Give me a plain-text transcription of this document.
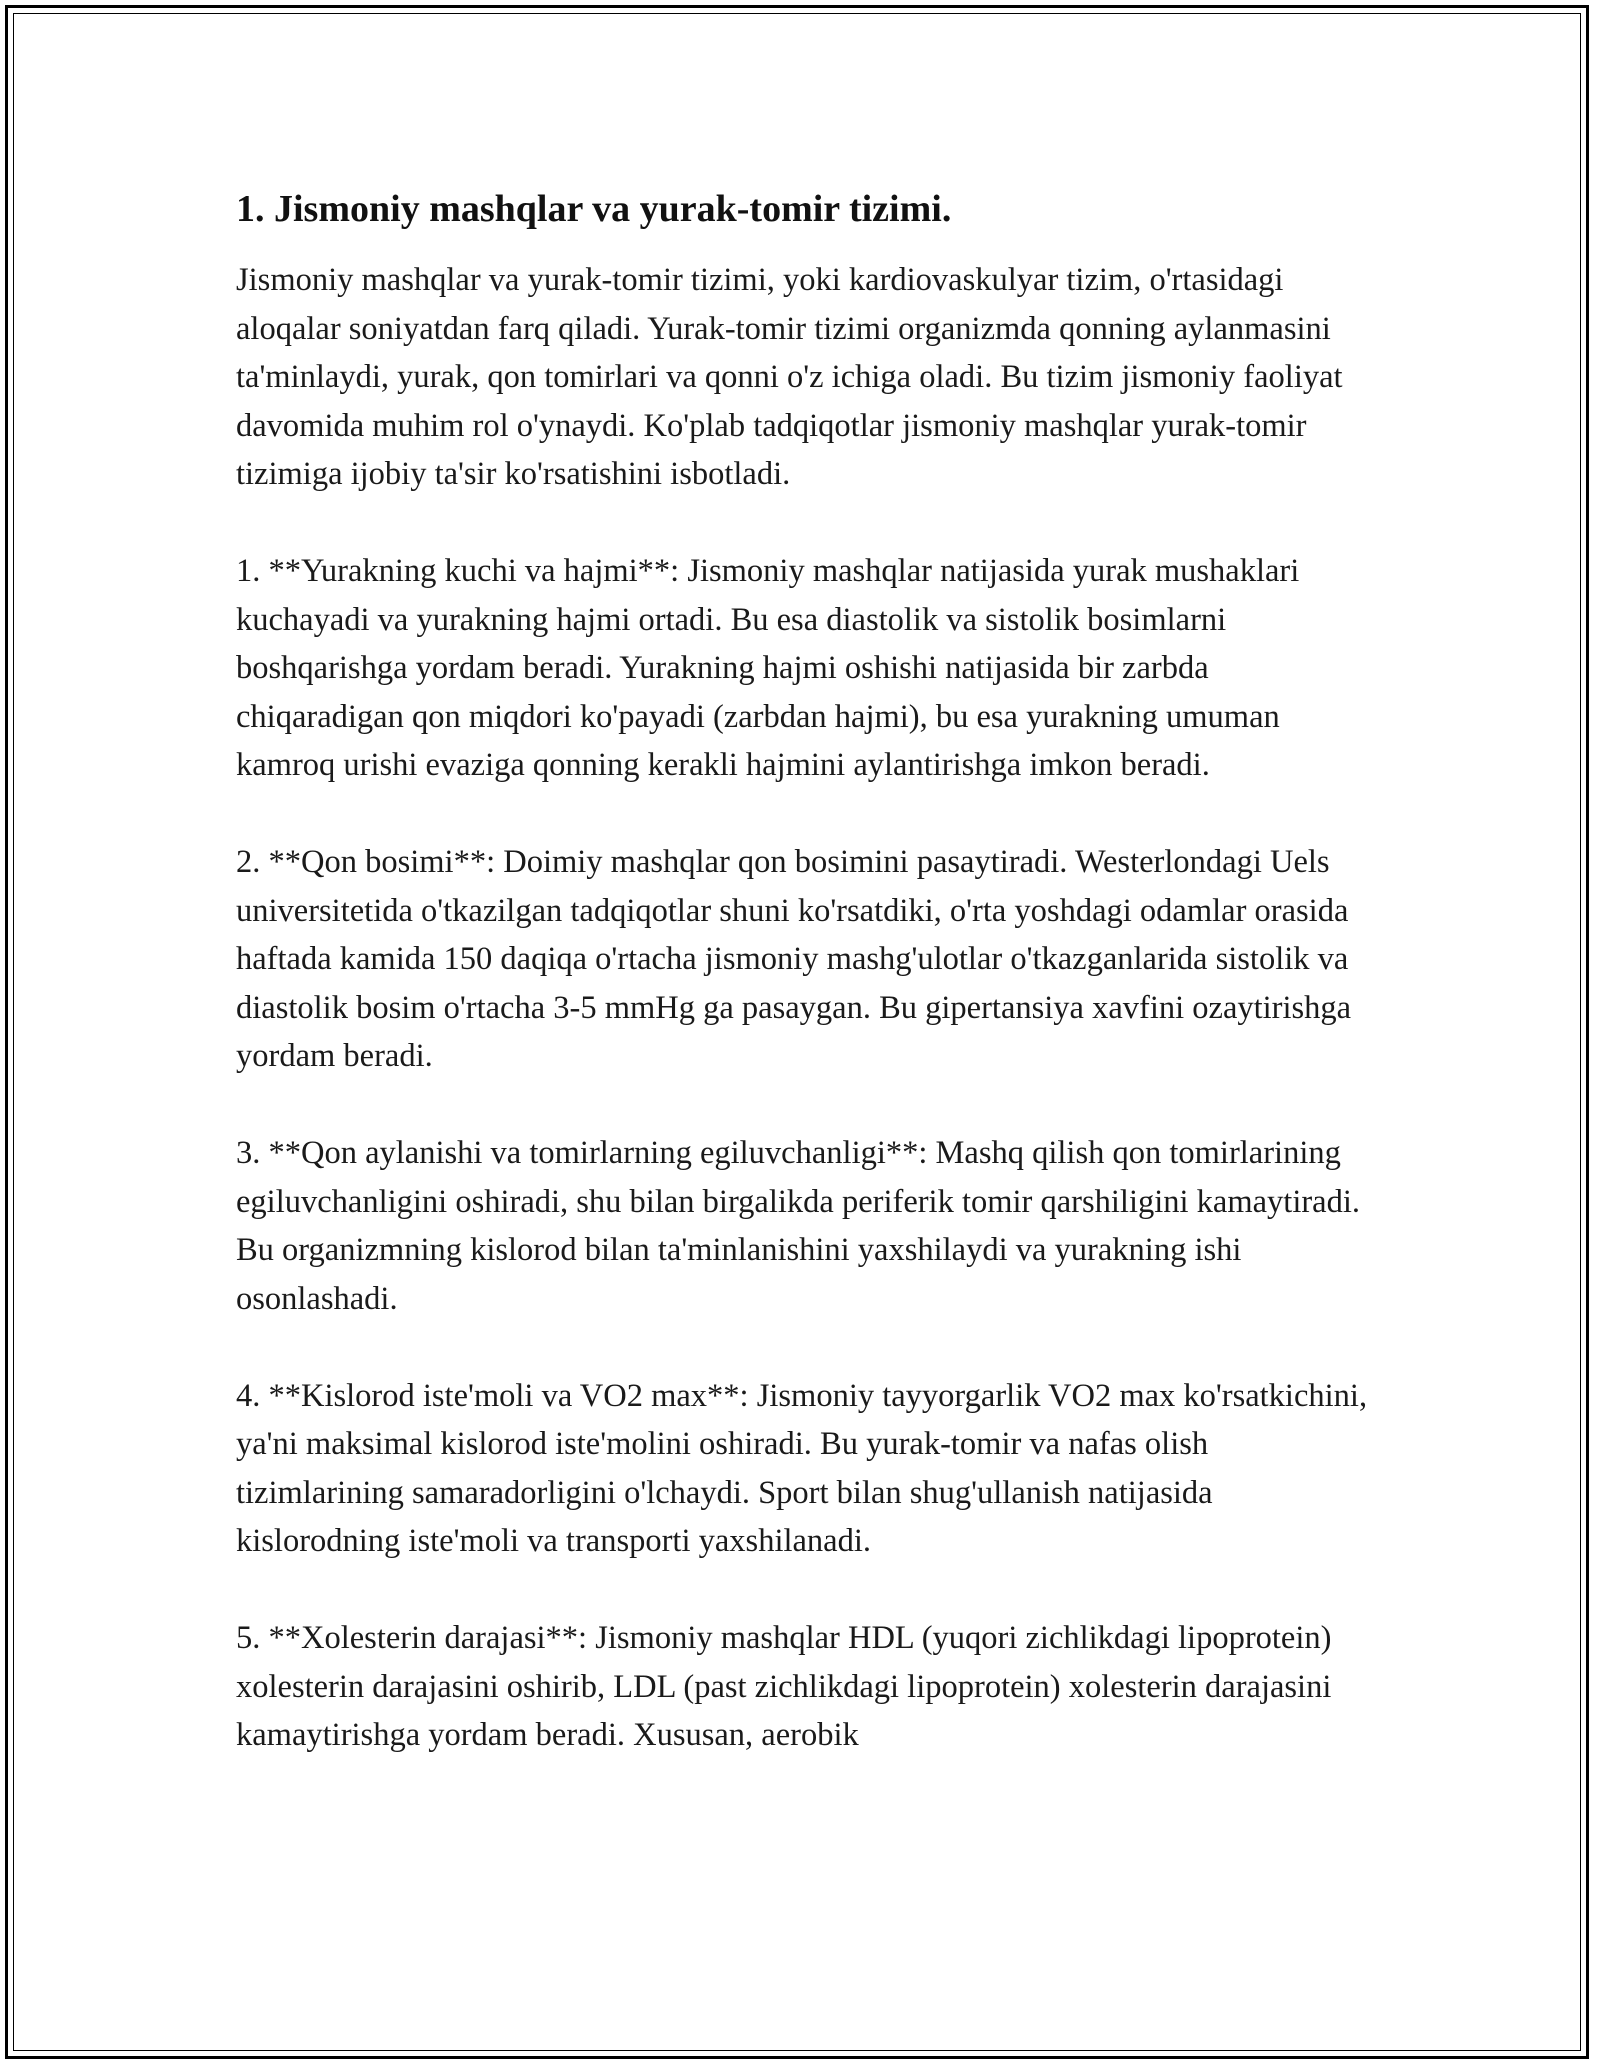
1. Jismoniy mashqlar va yurak-tomir tizimi.

Jismoniy mashqlar va yurak-tomir tizimi, yoki kardiovaskulyar tizim, o'rtasidagi aloqalar soniyatdan farq qiladi. Yurak-tomir tizimi organizmda qonning aylanmasini ta'minlaydi, yurak, qon tomirlari va qonni o'z ichiga oladi. Bu tizim jismoniy faoliyat davomida muhim rol o'ynaydi. Ko'plab tadqiqotlar jismoniy mashqlar yurak-tomir tizimiga ijobiy ta'sir ko'rsatishini isbotladi.

1. **Yurakning kuchi va hajmi**: Jismoniy mashqlar natijasida yurak mushaklari kuchayadi va yurakning hajmi ortadi. Bu esa diastolik va sistolik bosimlarni boshqarishga yordam beradi. Yurakning hajmi oshishi natijasida bir zarbda chiqaradigan qon miqdori ko'payadi (zarbdan hajmi), bu esa yurakning umuman kamroq urishi evaziga qonning kerakli hajmini aylantirishga imkon beradi.

2. **Qon bosimi**: Doimiy mashqlar qon bosimini pasaytiradi. Westerlondagi Uels universitetida o'tkazilgan tadqiqotlar shuni ko'rsatdiki, o'rta yoshdagi odamlar orasida haftada kamida 150 daqiqa o'rtacha jismoniy mashg'ulotlar o'tkazganlarida sistolik va diastolik bosim o'rtacha 3-5 mmHg ga pasaygan. Bu gipertansiya xavfini ozaytirishga yordam beradi.

3. **Qon aylanishi va tomirlarning egiluvchanligi**: Mashq qilish qon tomirlarining egiluvchanligini oshiradi, shu bilan birgalikda periferik tomir qarshiligini kamaytiradi. Bu organizmning kislorod bilan ta'minlanishini yaxshilaydi va yurakning ishi osonlashadi.

4. **Kislorod iste'moli va VO2 max**: Jismoniy tayyorgarlik VO2 max ko'rsatkichini, ya'ni maksimal kislorod iste'molini oshiradi. Bu yurak-tomir va nafas olish tizimlarining samaradorligini o'lchaydi. Sport bilan shug'ullanish natijasida kislorodning iste'moli va transporti yaxshilanadi.

5. **Xolesterin darajasi**: Jismoniy mashqlar HDL (yuqori zichlikdagi lipoprotein) xolesterin darajasini oshirib, LDL (past zichlikdagi lipoprotein) xolesterin darajasini kamaytirishga yordam beradi. Xususan, aerobik
